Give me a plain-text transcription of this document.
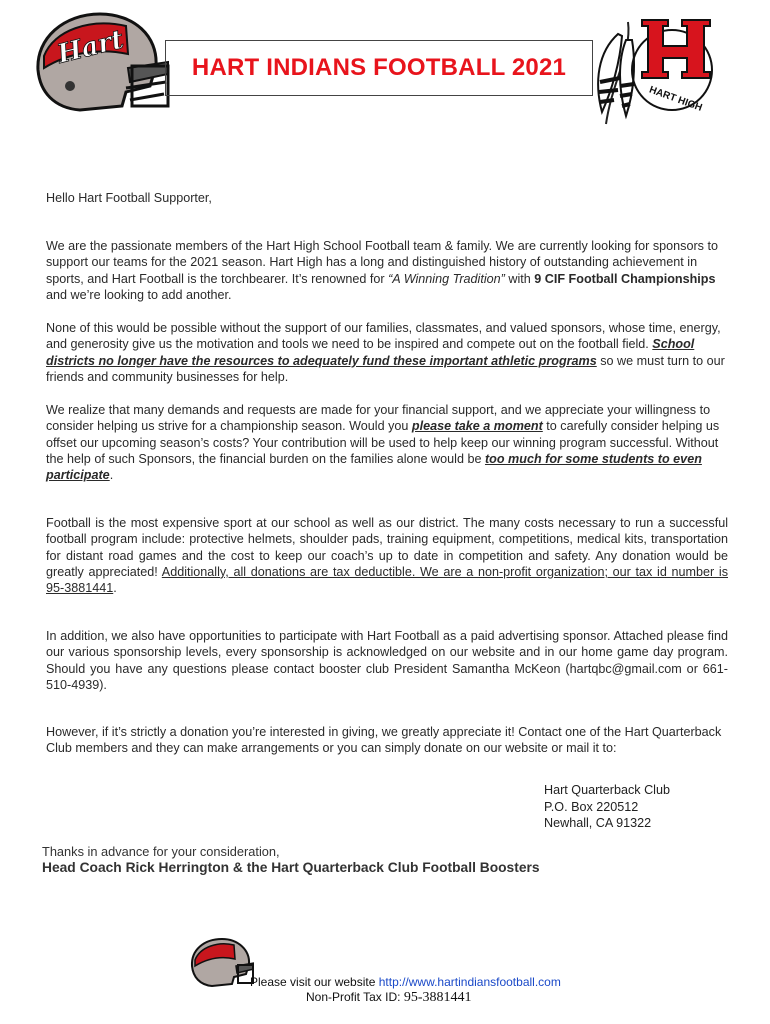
Hart	HART INDIANS FOOTBALL 2021
HART HIGH

Hello Hart Football Supporter,

We are the passionate members of the Hart High School Football team & family. We are currently looking for sponsors to support our teams for the 2021 season. Hart High has a long and distinguished history of outstanding achievement in sports, and Hart Football is the torchbearer. It’s renowned for “A Winning Tradition” with 9 CIF Football Championships and we’re looking to add another.

None of this would be possible without the support of our families, classmates, and valued sponsors, whose time, energy, and generosity give us the motivation and tools we need to be inspired and compete out on the football field. School districts no longer have the resources to adequately fund these important athletic programs so we must turn to our friends and community businesses for help.

We realize that many demands and requests are made for your financial support, and we appreciate your willingness to consider helping us strive for a championship season. Would you please take a moment to carefully consider helping us offset our upcoming season’s costs? Your contribution will be used to help keep our winning program successful. Without the help of such Sponsors, the financial burden on the families alone would be too much for some students to even participate.

Football is the most expensive sport at our school as well as our district. The many costs necessary to run a successful football program include: protective helmets, shoulder pads, training equipment, competitions, medical kits, transportation for distant road games and the cost to keep our coach’s up to date in competition and safety. Any donation would be greatly appreciated! Additionally, all donations are tax deductible. We are a non-profit organization; our tax id number is 95-3881441.

In addition, we also have opportunities to participate with Hart Football as a paid advertising sponsor. Attached please find our various sponsorship levels, every sponsorship is acknowledged on our website and in our home game day program. Should you have any questions please contact booster club President Samantha McKeon (hartqbc@gmail.com or 661-510-4939).

However, if it’s strictly a donation you’re interested in giving, we greatly appreciate it! Contact one of the Hart Quarterback Club members and they can make arrangements or you can simply donate on our website or mail it to:

Hart Quarterback Club
P.O. Box 220512
Newhall, CA 91322
Thanks in advance for your consideration,
Head Coach Rick Herrington & the Hart Quarterback Club Football Boosters
Please visit our website http://www.hartindiansfootball.com
Non-Profit Tax ID: 95-3881441
